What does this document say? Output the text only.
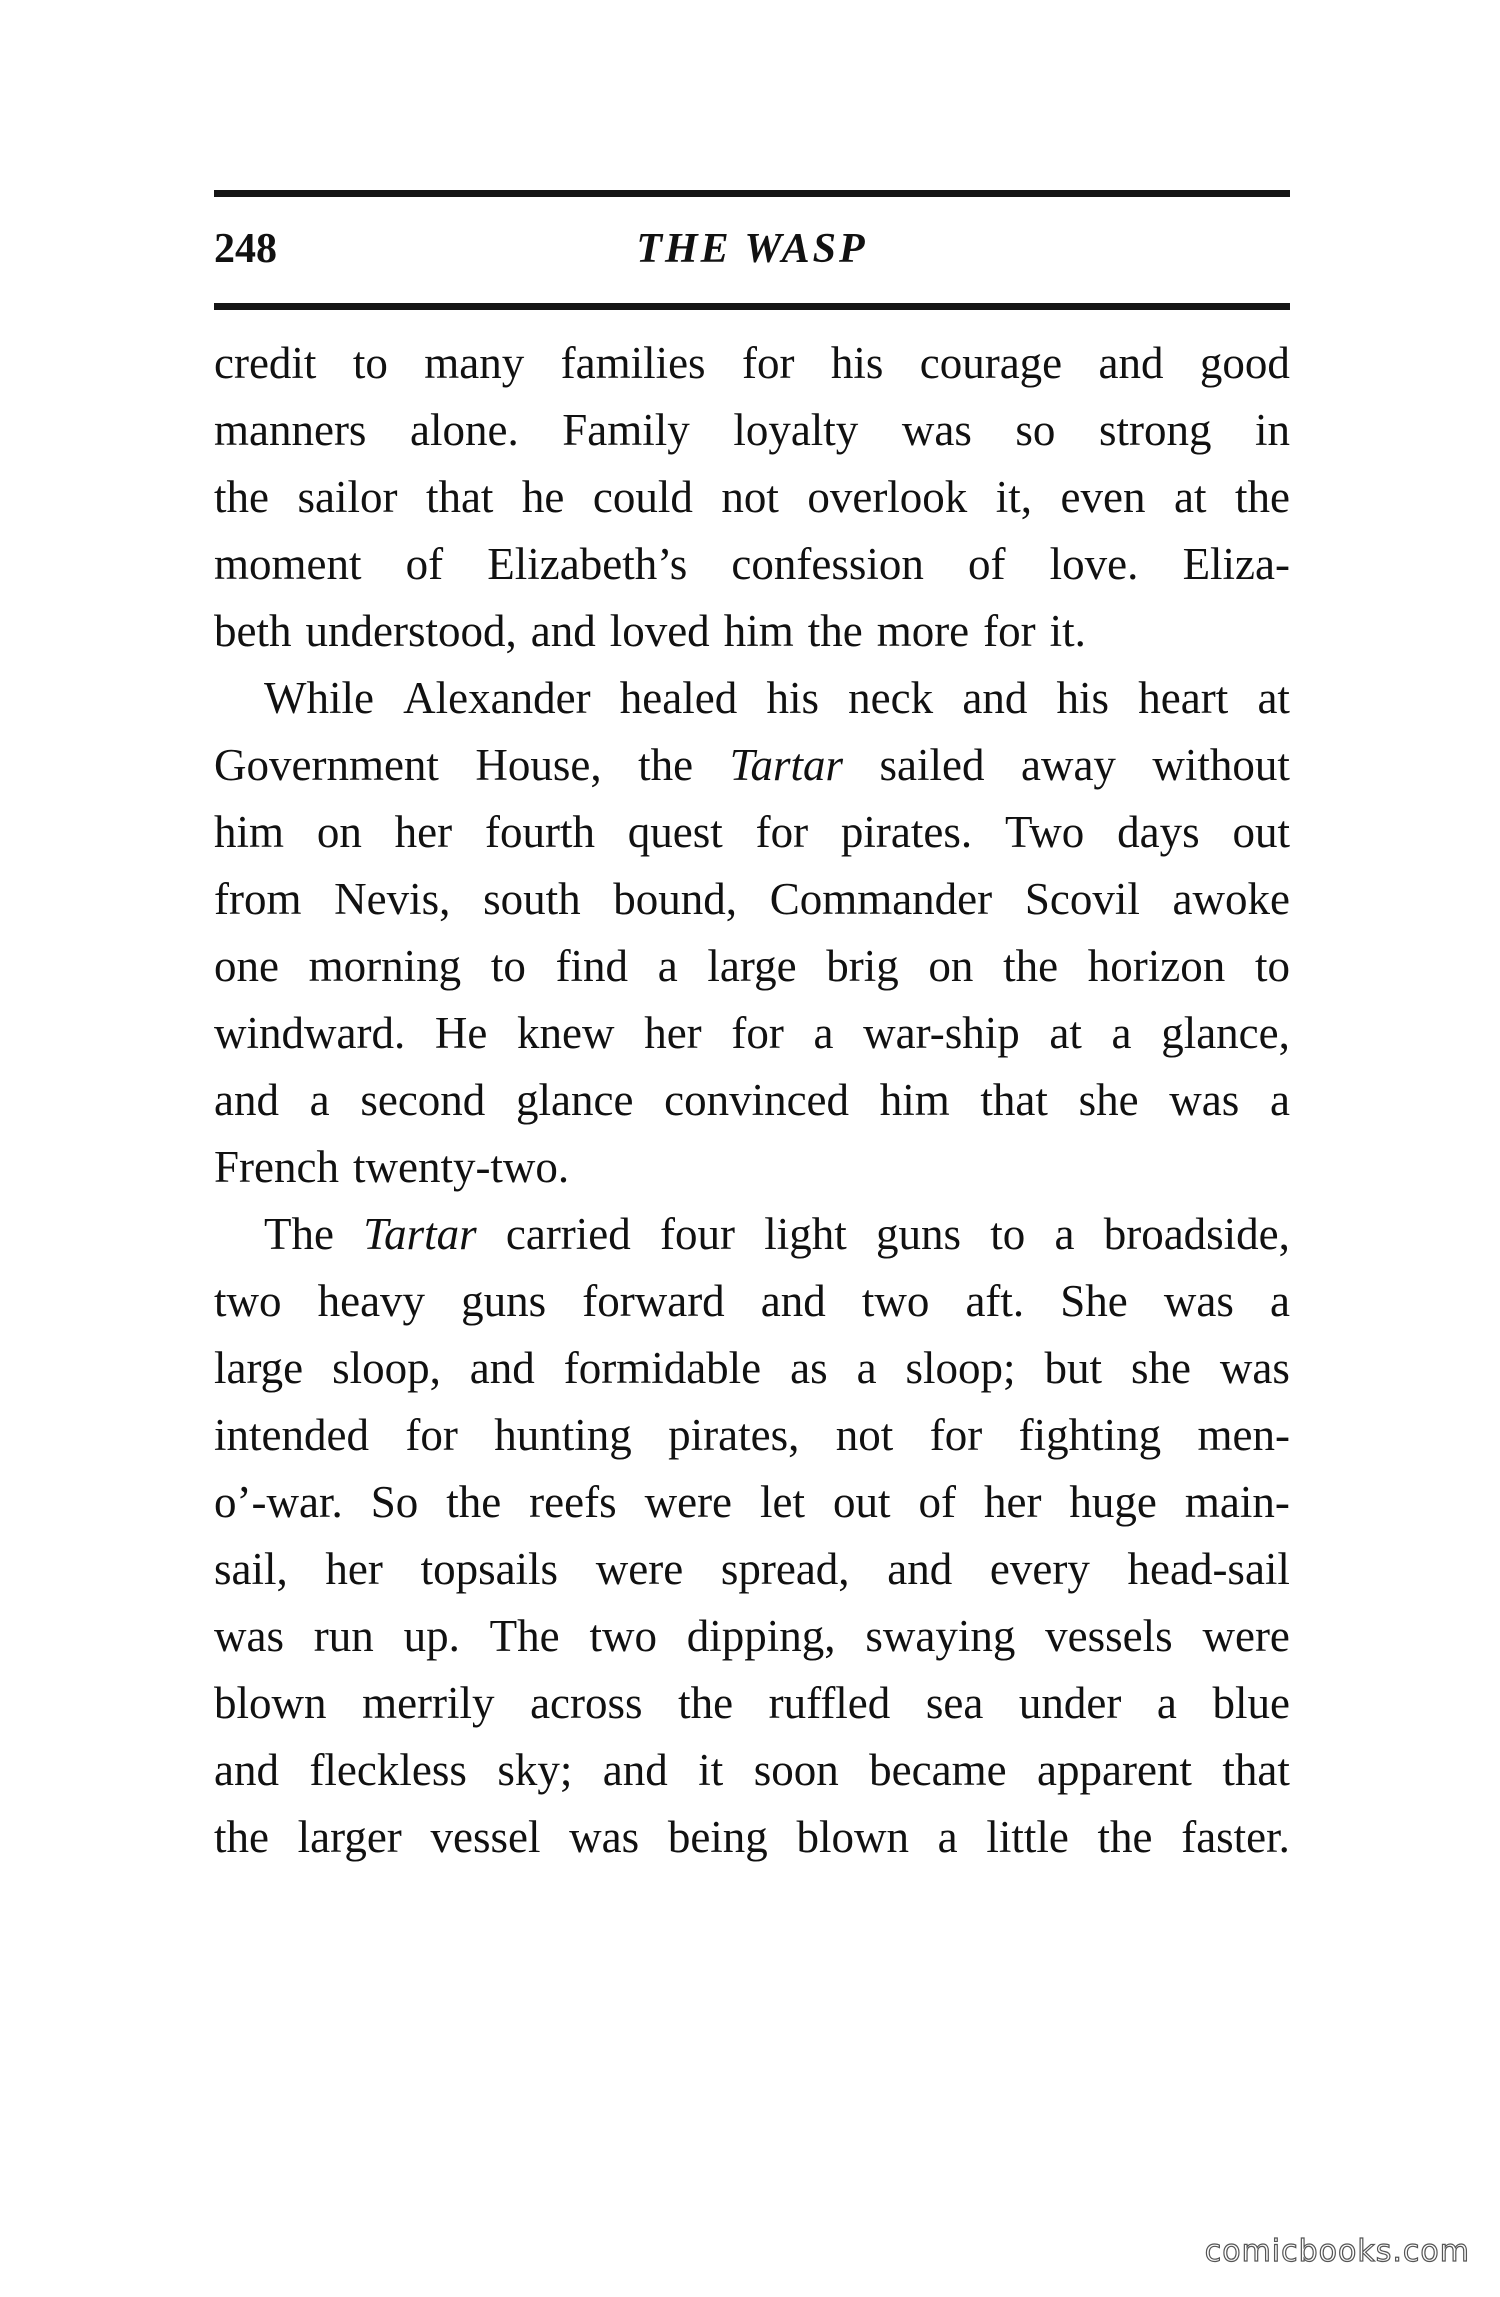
248	THE WASP
credit to many families for his courage and good
manners alone. Family loyalty was so strong in
the sailor that he could not overlook it, even at the
moment of Elizabeth’s confession of love. Eliza-
beth understood, and loved him the more for it.
While Alexander healed his neck and his heart at
Government House, the Tartar sailed away without
him on her fourth quest for pirates. Two days out
from Nevis, south bound, Commander Scovil awoke
one morning to find a large brig on the horizon to
windward. He knew her for a war-ship at a glance,
and a second glance convinced him that she was a
French twenty-two.
The Tartar carried four light guns to a broadside,
two heavy guns forward and two aft. She was a
large sloop, and formidable as a sloop; but she was
intended for hunting pirates, not for fighting men-
o’-war. So the reefs were let out of her huge main-
sail, her topsails were spread, and every head-sail
was run up. The two dipping, swaying vessels were
blown merrily across the ruffled sea under a blue
and fleckless sky; and it soon became apparent that
the larger vessel was being blown a little the faster.
comicbooks.com
